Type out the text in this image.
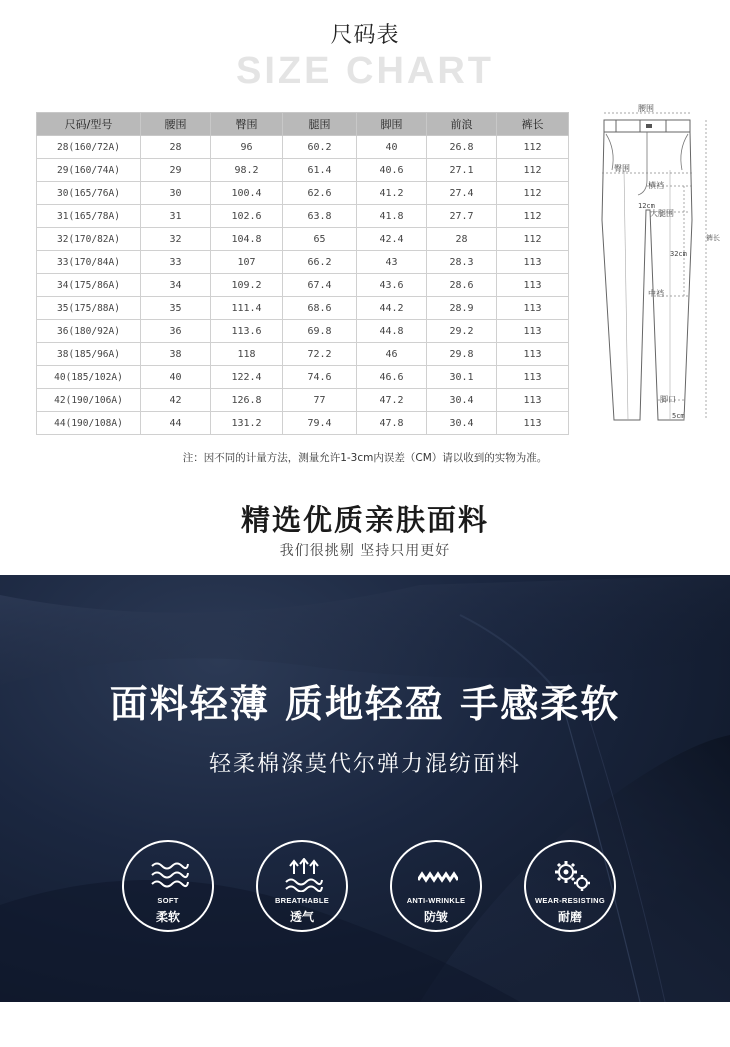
尺码表
SIZE CHART
尺码/型号	腰围	臀围	腿围	脚围	前浪	裤长
28(160/72A)	28	96	60.2	40	26.8	112
29(160/74A)	29	98.2	61.4	40.6	27.1	112
30(165/76A)	30	100.4	62.6	41.2	27.4	112
31(165/78A)	31	102.6	63.8	41.8	27.7	112
32(170/82A)	32	104.8	65	42.4	28	112
33(170/84A)	33	107	66.2	43	28.3	113
34(175/86A)	34	109.2	67.4	43.6	28.6	113
35(175/88A)	35	111.4	68.6	44.2	28.9	113
36(180/92A)	36	113.6	69.8	44.8	29.2	113
38(185/96A)	38	118	72.2	46	29.8	113
40(185/102A)	40	122.4	74.6	46.6	30.1	113
42(190/106A)	42	126.8	77	47.2	30.4	113
44(190/108A)	44	131.2	79.4	47.8	30.4	113
腰围
臀围
横裆
12cm
大腿围
裤长
32cm
中裆
脚口
5cm
注：因不同的计量方法，测量允许1-3cm内误差（CM）请以收到的实物为准。
精选优质亲肤面料
我们很挑剔 坚持只用更好
面料轻薄 质地轻盈 手感柔软
轻柔棉涤莫代尔弹力混纺面料
SOFT
柔软
BREATHABLE
透气
ANTI-WRINKLE
防皱
WEAR-RESISTING
耐磨
